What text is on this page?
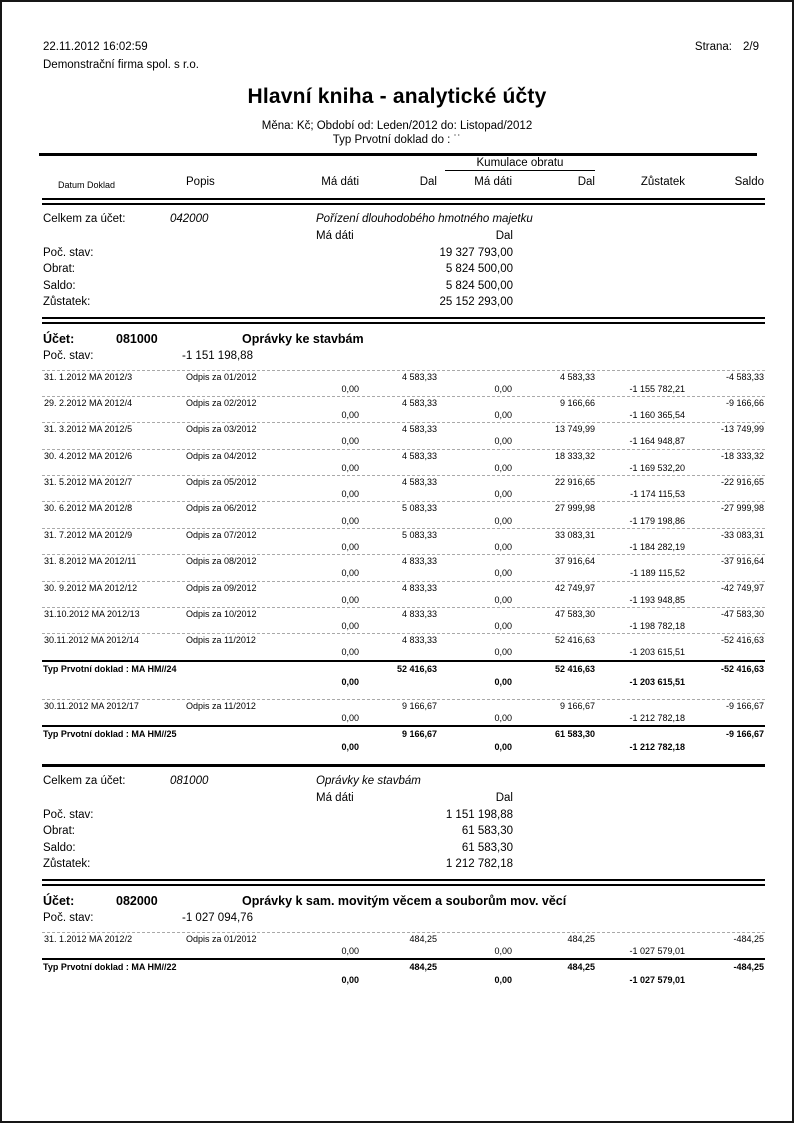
22.11.2012 16:02:59	Strana: 2/9
Demonstrační firma spol. s r.o.
Hlavní kniha - analytické účty
Měna: Kč; Období od: Leden/2012 do: Listopad/2012
Typ Prvotní doklad do : ˙˙
Kumulace obratu
Datum Doklad	Popis	Má dáti	Dal	Má dáti	Dal	Zůstatek	Saldo
Celkem za účet:	042000	Pořízení dlouhodobého hmotného majetku
Má dáti	Dal
Poč. stav:	19 327 793,00
Obrat:	5 824 500,00
Saldo:	5 824 500,00
Zůstatek:	25 152 293,00
Účet:	081000	Oprávky ke stavbám
Poč. stav:	-1 151 198,88
31. 1.2012 MA 2012/3	Odpis za 01/2012	4 583,33	4 583,33	-4 583,33
0,00	0,00	-1 155 782,21
29. 2.2012 MA 2012/4	Odpis za 02/2012	4 583,33	9 166,66	-9 166,66
0,00	0,00	-1 160 365,54
31. 3.2012 MA 2012/5	Odpis za 03/2012	4 583,33	13 749,99	-13 749,99
0,00	0,00	-1 164 948,87
30. 4.2012 MA 2012/6	Odpis za 04/2012	4 583,33	18 333,32	-18 333,32
0,00	0,00	-1 169 532,20
31. 5.2012 MA 2012/7	Odpis za 05/2012	4 583,33	22 916,65	-22 916,65
0,00	0,00	-1 174 115,53
30. 6.2012 MA 2012/8	Odpis za 06/2012	5 083,33	27 999,98	-27 999,98
0,00	0,00	-1 179 198,86
31. 7.2012 MA 2012/9	Odpis za 07/2012	5 083,33	33 083,31	-33 083,31
0,00	0,00	-1 184 282,19
31. 8.2012 MA 2012/11	Odpis za 08/2012	4 833,33	37 916,64	-37 916,64
0,00	0,00	-1 189 115,52
30. 9.2012 MA 2012/12	Odpis za 09/2012	4 833,33	42 749,97	-42 749,97
0,00	0,00	-1 193 948,85
31.10.2012 MA 2012/13	Odpis za 10/2012	4 833,33	47 583,30	-47 583,30
0,00	0,00	-1 198 782,18
30.11.2012 MA 2012/14	Odpis za 11/2012	4 833,33	52 416,63	-52 416,63
0,00	0,00	-1 203 615,51
Typ Prvotní doklad : MA HM//24	52 416,63	52 416,63	-52 416,63
0,00	0,00	-1 203 615,51
30.11.2012 MA 2012/17	Odpis za 11/2012	9 166,67	9 166,67	-9 166,67
0,00	0,00	-1 212 782,18
Typ Prvotní doklad : MA HM//25	9 166,67	61 583,30	-9 166,67
0,00	0,00	-1 212 782,18
Celkem za účet:	081000	Oprávky ke stavbám
Má dáti	Dal
Poč. stav:	1 151 198,88
Obrat:	61 583,30
Saldo:	61 583,30
Zůstatek:	1 212 782,18
Účet:	082000	Oprávky k sam. movitým věcem a souborům mov. věcí
Poč. stav:	-1 027 094,76
31. 1.2012 MA 2012/2	Odpis za 01/2012	484,25	484,25	-484,25
0,00	0,00	-1 027 579,01
Typ Prvotní doklad : MA HM//22	484,25	484,25	-484,25
0,00	0,00	-1 027 579,01
